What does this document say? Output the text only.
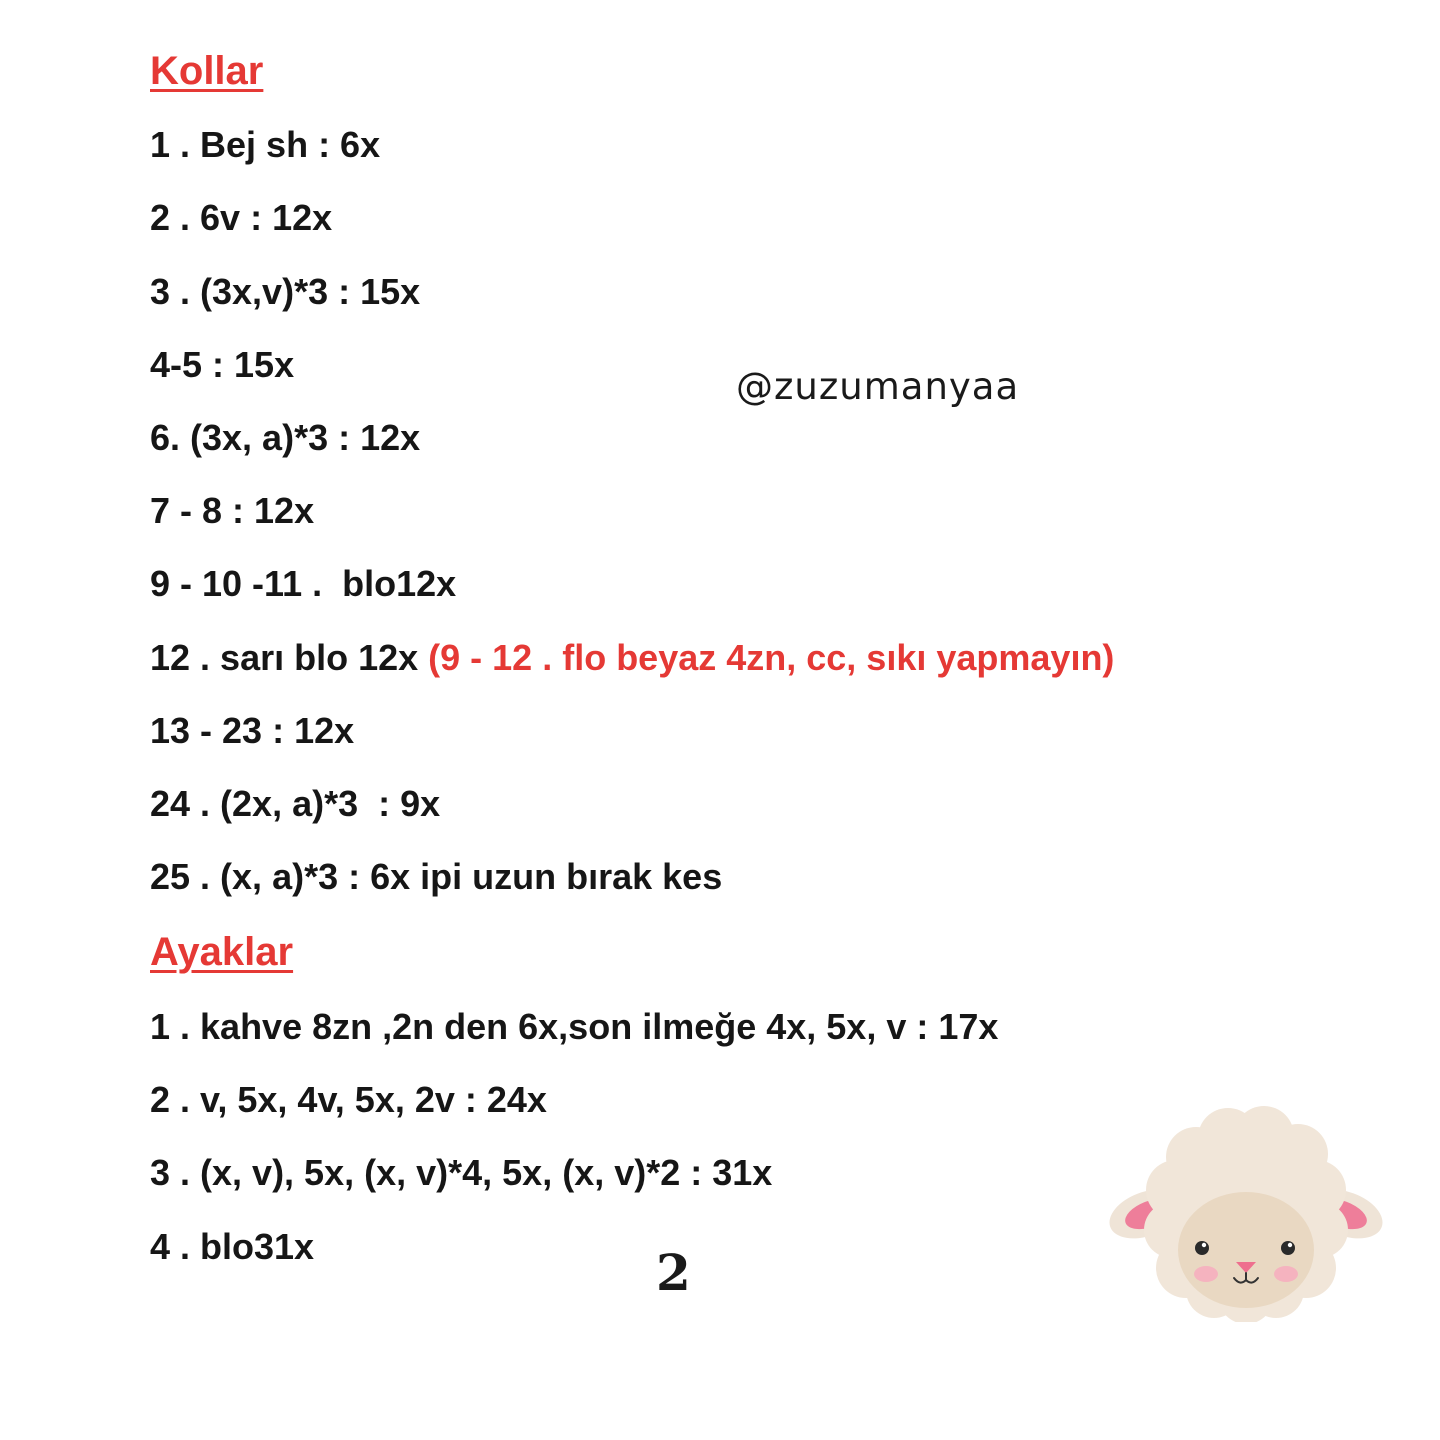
Kollar
1 . Bej sh : 6x
2 . 6v : 12x
3 . (3x,v)*3 : 15x
4-5 : 15x
6. (3x, a)*3 : 12x
7 - 8 : 12x
9 - 10 -11 .  blo12x
12 . sarı blo 12x (9 - 12 . flo beyaz 4zn, cc, sıkı yapmayın)
13 - 23 : 12x
24 . (2x, a)*3  : 9x
25 . (x, a)*3 : 6x ipi uzun bırak kes
Ayaklar
1 . kahve 8zn ,2n den 6x,son ilmeğe 4x, 5x, v : 17x
2 . v, 5x, 4v, 5x, 2v : 24x
3 . (x, v), 5x, (x, v)*4, 5x, (x, v)*2 : 31x
4 . blo31x
@zuzumanyaa
2
